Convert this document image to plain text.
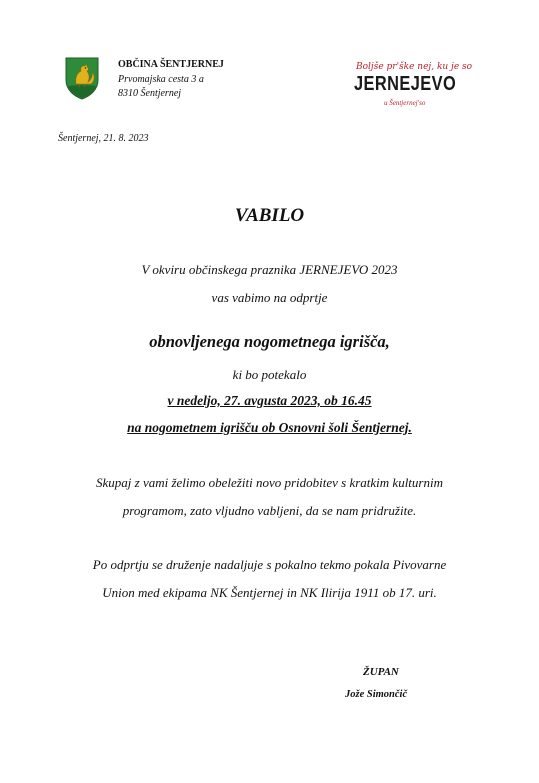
OBČINA ŠENTJERNEJ
Prvomajska cesta 3 a
8310 Šentjernej
Boljše pr'ške nej, ku je so
JERNEJEVO
u Šentjernej'so
Šentjernej, 21. 8. 2023
VABILO
V okviru občinskega praznika JERNEJEVO 2023
vas vabimo na odprtje
obnovljenega nogometnega igrišča,
ki bo potekalo
v nedeljo, 27. avgusta 2023, ob 16.45
na nogometnem igrišču ob Osnovni šoli Šentjernej.
Skupaj z vami želimo obeležiti novo pridobitev s kratkim kulturnim
programom, zato vljudno vabljeni, da se nam pridružite.
Po odprtju se druženje nadaljuje s pokalno tekmo pokala Pivovarne
Union med ekipama NK Šentjernej in NK Ilirija 1911 ob 17. uri.
ŽUPAN
Jože Simončič
